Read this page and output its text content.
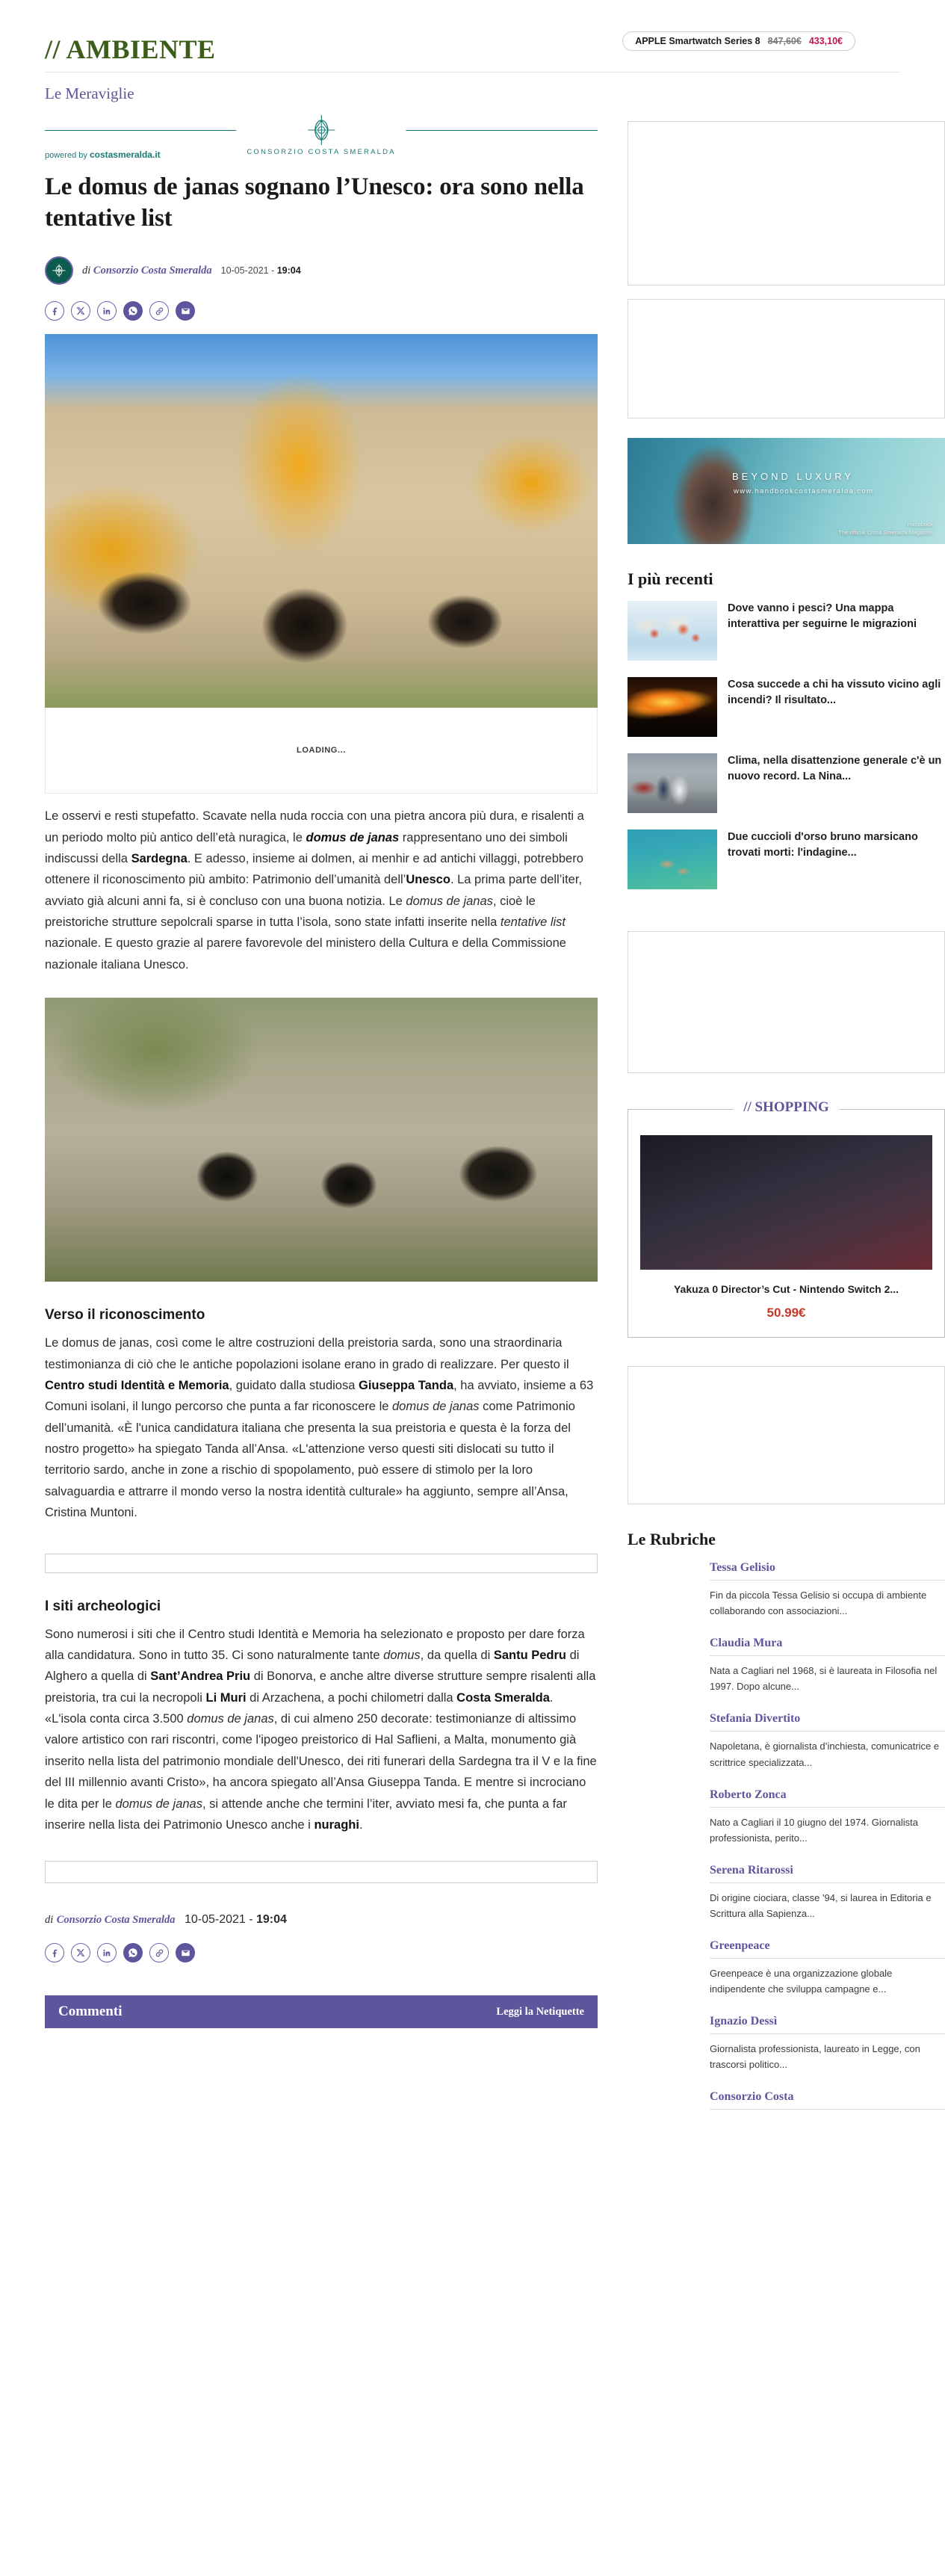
// AMBIENTE	APPLE Smartwatch Series 8 847,60€ 433,10€
Le Meraviglie
powered by costasmeralda.it	CONSORZIO COSTA SMERALDA
Le domus de janas sognano l’Unesco: ora sono nella tentative list
di Consorzio Costa Smeralda 10-05-2021 - 19:04
LOADING...

Le osservi e resti stupefatto. Scavate nella nuda roccia con una pietra ancora più dura, e risalenti a un periodo molto più antico dell’età nuragica, le domus de janas rappresentano uno dei simboli indiscussi della Sardegna. E adesso, insieme ai dolmen, ai menhir e ad antichi villaggi, potrebbero ottenere il riconoscimento più ambito: Patrimonio dell’umanità dell’Unesco. La prima parte dell’iter, avviato già alcuni anni fa, si è concluso con una buona notizia. Le domus de janas, cioè le preistoriche strutture sepolcrali sparse in tutta l’isola, sono state infatti inserite nella tentative list nazionale. E questo grazie al parere favorevole del ministero della Cultura e della Commissione nazionale italiana Unesco.

Verso il riconoscimento

Le domus de janas, così come le altre costruzioni della preistoria sarda, sono una straordinaria testimonianza di ciò che le antiche popolazioni isolane erano in grado di realizzare. Per questo il Centro studi Identità e Memoria, guidato dalla studiosa Giuseppa Tanda, ha avviato, insieme a 63 Comuni isolani, il lungo percorso che punta a far riconoscere le domus de janas come Patrimonio dell’umanità. «È l'unica candidatura italiana che presenta la sua preistoria e questa è la forza del nostro progetto» ha spiegato Tanda all’Ansa. «L'attenzione verso questi siti dislocati su tutto il territorio sardo, anche in zone a rischio di spopolamento, può essere di stimolo per la loro salvaguardia e attrarre il mondo verso la nostra identità culturale» ha aggiunto, sempre all’Ansa, Cristina Muntoni.

I siti archeologici

Sono numerosi i siti che il Centro studi Identità e Memoria ha selezionato e proposto per dare forza alla candidatura. Sono in tutto 35. Ci sono naturalmente tante domus, da quella di Santu Pedru di Alghero a quella di Sant’Andrea Priu di Bonorva, e anche altre diverse strutture sempre risalenti alla preistoria, tra cui la necropoli Li Muri di Arzachena, a pochi chilometri dalla Costa Smeralda. «L'isola conta circa 3.500 domus de janas, di cui almeno 250 decorate: testimonianze di altissimo valore artistico con rari riscontri, come l'ipogeo preistorico di Hal Saflieni, a Malta, monumento già inserito nella lista del patrimonio mondiale dell'Unesco, dei riti funerari della Sardegna tra il V e la fine del III millennio avanti Cristo», ha ancora spiegato all’Ansa Giuseppa Tanda. E mentre si incrociano le dita per le domus de janas, si attende anche che termini l’iter, avviato mesi fa, che punta a far inserire nella lista dei Patrimonio Unesco anche i nuraghi.

di Consorzio Costa Smeralda 10-05-2021 - 19:04
Commenti	Leggi la Netiquette
BEYOND LUXURY
www.handbookcostasmeralda.com
Handbook
The official Costa Smeralda Magazine
I più recenti
Dove vanno i pesci? Una mappa interattiva per seguirne le migrazioni
Cosa succede a chi ha vissuto vicino agli incendi? Il risultato...
Clima, nella disattenzione generale c'è un nuovo record. La Nina...
Due cuccioli d'orso bruno marsicano trovati morti: l'indagine...
// SHOPPING
Yakuza 0 Director’s Cut - Nintendo Switch 2...
50.99€
Le Rubriche
Tessa Gelisio
Fin da piccola Tessa Gelisio si occupa di ambiente collaborando con associazioni...
Claudia Mura
Nata a Cagliari nel 1968, si è laureata in Filosofia nel 1997. Dopo alcune...
Stefania Divertito
Napoletana, è giornalista d’inchiesta, comunicatrice e scrittrice specializzata...
Roberto Zonca
Nato a Cagliari il 10 giugno del 1974. Giornalista professionista, perito...
Serena Ritarossi
Di origine ciociara, classe '94, si laurea in Editoria e Scrittura alla Sapienza...
Greenpeace
Greenpeace è una organizzazione globale indipendente che sviluppa campagne e...
Ignazio Dessì
Giornalista professionista, laureato in Legge, con trascorsi politico...
Consorzio Costa
